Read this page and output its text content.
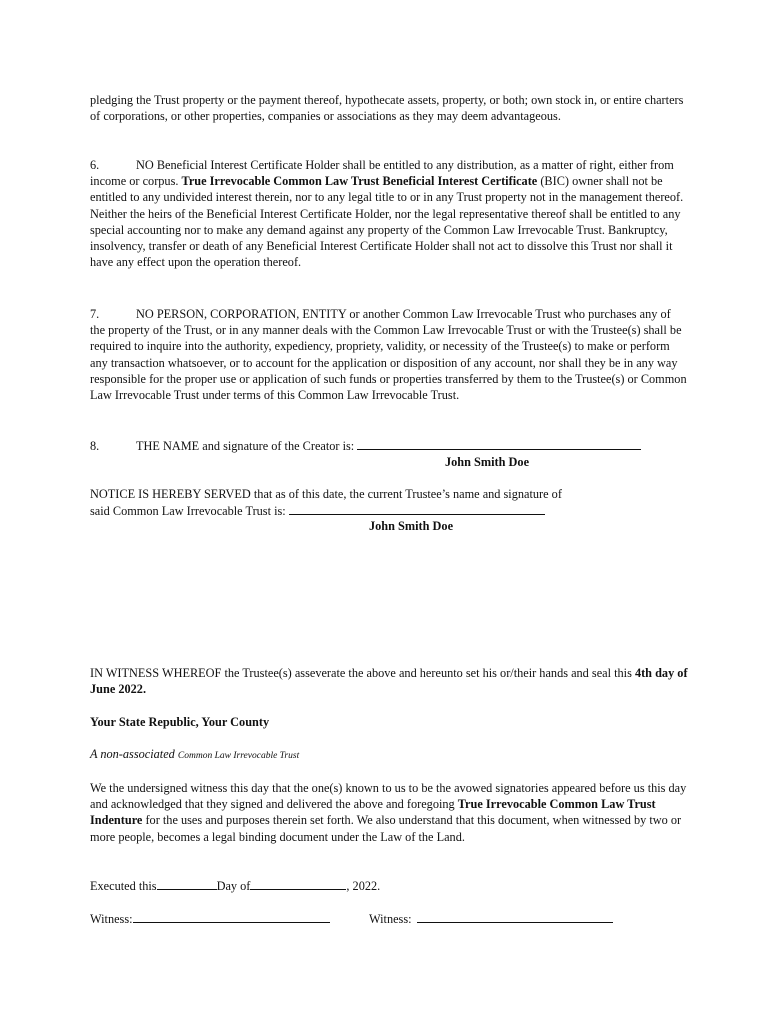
pledging the Trust property or the payment thereof, hypothecate assets, property, or both; own stock in, or entire charters of corporations, or other properties, companies or associations as they may deem advantageous.

6.	NO Beneficial Interest Certificate Holder shall be entitled to any distribution, as a matter of right, either from income or corpus. True Irrevocable Common Law Trust Beneficial Interest Certificate (BIC) owner shall not be entitled to any undivided interest therein, nor to any legal title to or in any Trust property not in the management thereof. Neither the heirs of the Beneficial Interest Certificate Holder, nor the legal representative thereof shall be entitled to any special accounting nor to make any demand against any property of the Common Law Irrevocable Trust. Bankruptcy, insolvency, transfer or death of any Beneficial Interest Certificate Holder shall not act to dissolve this Trust nor shall it have any effect upon the operation thereof.

7.	NO PERSON, CORPORATION, ENTITY or another Common Law Irrevocable Trust who purchases any of the property of the Trust, or in any manner deals with the Common Law Irrevocable Trust or with the Trustee(s) shall be required to inquire into the authority, expediency, propriety, validity, or necessity of the Trustee(s) to make or perform any transaction whatsoever, or to account for the application or disposition of any account, nor shall they be in any way responsible for the proper use or application of such funds or properties transferred by them to the Trustee(s) or Common Law Irrevocable Trust under terms of this Common Law Irrevocable Trust.

8.	THE NAME and signature of the Creator is:

John Smith Doe

NOTICE IS HEREBY SERVED that as of this date, the current Trustee’s name and signature of
said Common Law Irrevocable Trust is:

John Smith Doe

IN WITNESS WHEREOF the Trustee(s) asseverate the above and hereunto set his or/their hands and seal this 4th day of June 2022.

Your State Republic, Your County

A non-associated Common Law Irrevocable Trust

We the undersigned witness this day that the one(s) known to us to be the avowed signatories appeared before us this day and acknowledged that they signed and delivered the above and foregoing True Irrevocable Common Law Trust Indenture for the uses and purposes therein set forth. We also understand that this document, when witnessed by two or more people, becomes a legal binding document under the Law of the Land.

Executed this	Day of	, 2022.

Witness:	Witness:
